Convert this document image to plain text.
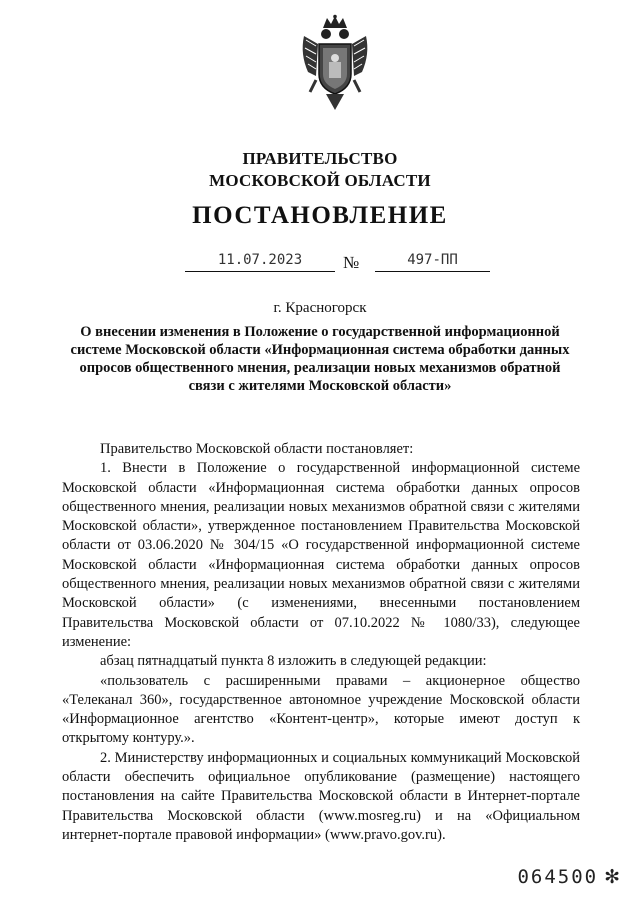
ПРАВИТЕЛЬСТВО
МОСКОВСКОЙ ОБЛАСТИ
ПОСТАНОВЛЕНИЕ
11.07.2023	№	497-ПП
г. Красногорск
О внесении изменения в Положение о государственной информационной системе Московской области «Информационная система обработки данных опросов общественного мнения, реализации новых механизмов обратной связи с жителями Московской области»

Правительство Московской области постановляет:

1. Внести в Положение о государственной информационной системе Московской области «Информационная система обработки данных опросов общественного мнения, реализации новых механизмов обратной связи с жителями Московской области», утвержденное постановлением Правительства Московской области от 03.06.2020 № 304/15 «О государственной информационной системе Московской области «Информационная система обработки данных опросов общественного мнения, реализации новых механизмов обратной связи с жителями Московской области» (с изменениями, внесенными постановлением Правительства Московской области от 07.10.2022 № 1080/33), следующее изменение:

абзац пятнадцатый пункта 8 изложить в следующей редакции:

«пользователь с расширенными правами – акционерное общество «Телеканал 360», государственное автономное учреждение Московской области «Информационное агентство «Контент-центр», которые имеют доступ к открытому контуру.».

2. Министерству информационных и социальных коммуникаций Московской области обеспечить официальное опубликование (размещение) настоящего постановления на сайте Правительства Московской области в Интернет-портале Правительства Московской области (www.mosreg.ru) и на «Официальном интернет-портале правовой информации» (www.pravo.gov.ru).

064500 ✻
